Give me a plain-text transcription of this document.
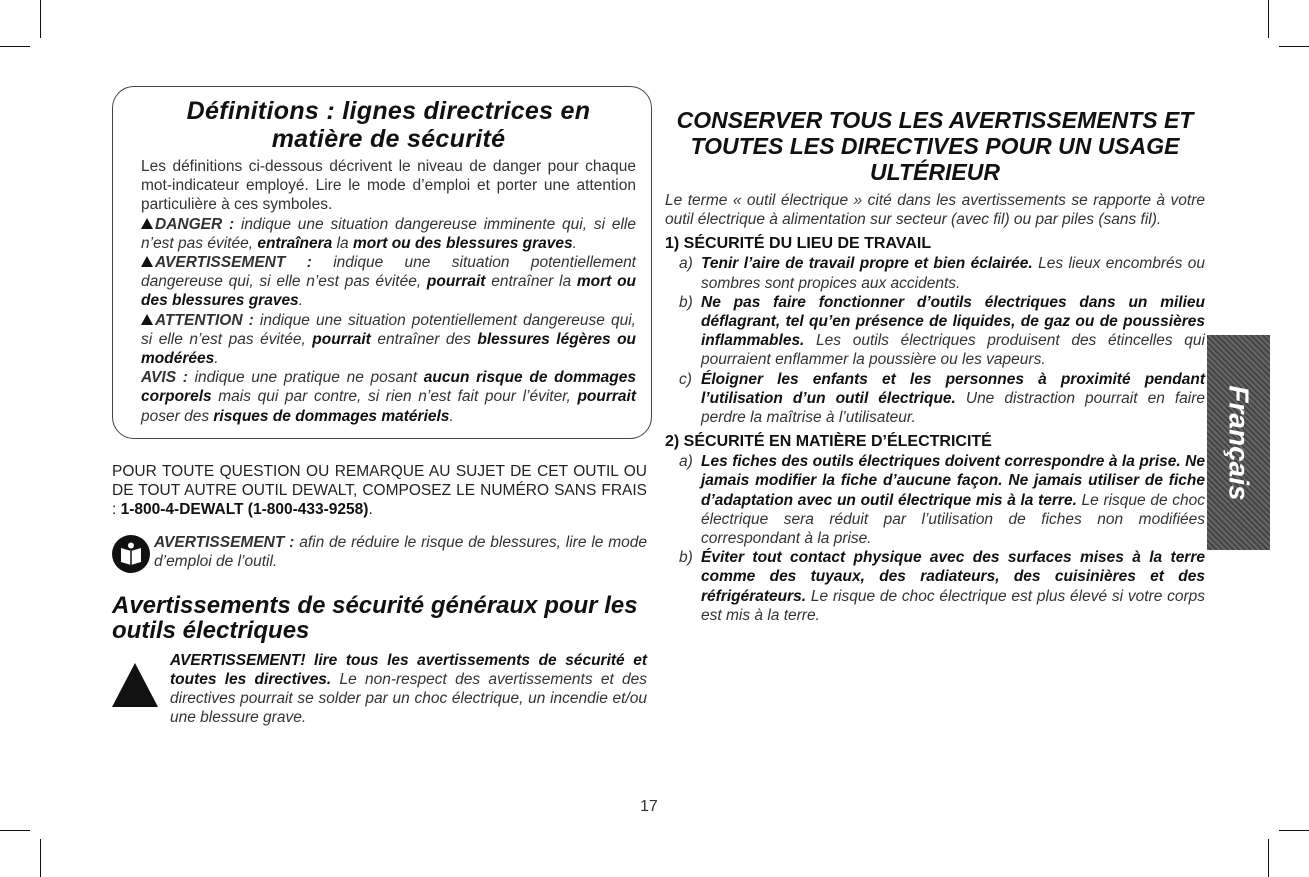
Définitions : lignes directrices en matière de sécurité

Les définitions ci-dessous décrivent le niveau de danger pour chaque mot-indicateur employé. Lire le mode d’emploi et porter une attention particulière à ces symboles.

DANGER : indique une situation dangereuse imminente qui, si elle n’est pas évitée, entraînera la mort ou des blessures graves.

AVERTISSEMENT : indique une situation potentiellement dangereuse qui, si elle n’est pas évitée, pourrait entraîner la mort ou des blessures graves.

ATTENTION : indique une situation potentiellement dangereuse qui, si elle n’est pas évitée, pourrait entraîner des blessures légères ou modérées.

AVIS : indique une pratique ne posant aucun risque de dommages corporels mais qui par contre, si rien n’est fait pour l’éviter, pourrait poser des risques de dommages matériels.

POUR TOUTE QUESTION OU REMARQUE AU SUJET DE CET OUTIL OU DE TOUT AUTRE OUTIL DEWALT, COMPOSEZ LE NUMÉRO SANS FRAIS : 1-800-4-DEWALT (1-800-433-9258).

AVERTISSEMENT : afin de réduire le risque de blessures, lire le mode d’emploi de l’outil.

Avertissements de sécurité généraux pour les outils électriques

AVERTISSEMENT! lire tous les avertissements de sécurité et toutes les directives. Le non-respect des avertissements et des directives pourrait se solder par un choc électrique, un incendie et/ou une blessure grave.

CONSERVER TOUS LES AVERTISSEMENTS ET TOUTES LES DIRECTIVES POUR UN USAGE ULTÉRIEUR

Le terme « outil électrique » cité dans les avertissements se rapporte à votre outil électrique à alimentation sur secteur (avec fil) ou par piles (sans fil).

1) SÉCURITÉ DU LIEU DE TRAVAIL
a) Tenir l’aire de travail propre et bien éclairée. Les lieux encombrés ou sombres sont propices aux accidents.

b) Ne pas faire fonctionner d’outils électriques dans un milieu déflagrant, tel qu’en présence de liquides, de gaz ou de poussières inflammables. Les outils électriques produisent des étincelles qui pourraient enflammer la poussière ou les vapeurs.

c) Éloigner les enfants et les personnes à proximité pendant l’utilisation d’un outil électrique. Une distraction pourrait en faire perdre la maîtrise à l’utilisateur.

2) SÉCURITÉ EN MATIÈRE D’ÉLECTRICITÉ
a) Les fiches des outils électriques doivent correspondre à la prise. Ne jamais modifier la fiche d’aucune façon. Ne jamais utiliser de fiche d’adaptation avec un outil électrique mis à la terre. Le risque de choc électrique sera réduit par l’utilisation de fiches non modifiées correspondant à la prise.

b) Éviter tout contact physique avec des surfaces mises à la terre comme des tuyaux, des radiateurs, des cuisinières et des réfrigérateurs. Le risque de choc électrique est plus élevé si votre corps est mis à la terre.

Français
17
